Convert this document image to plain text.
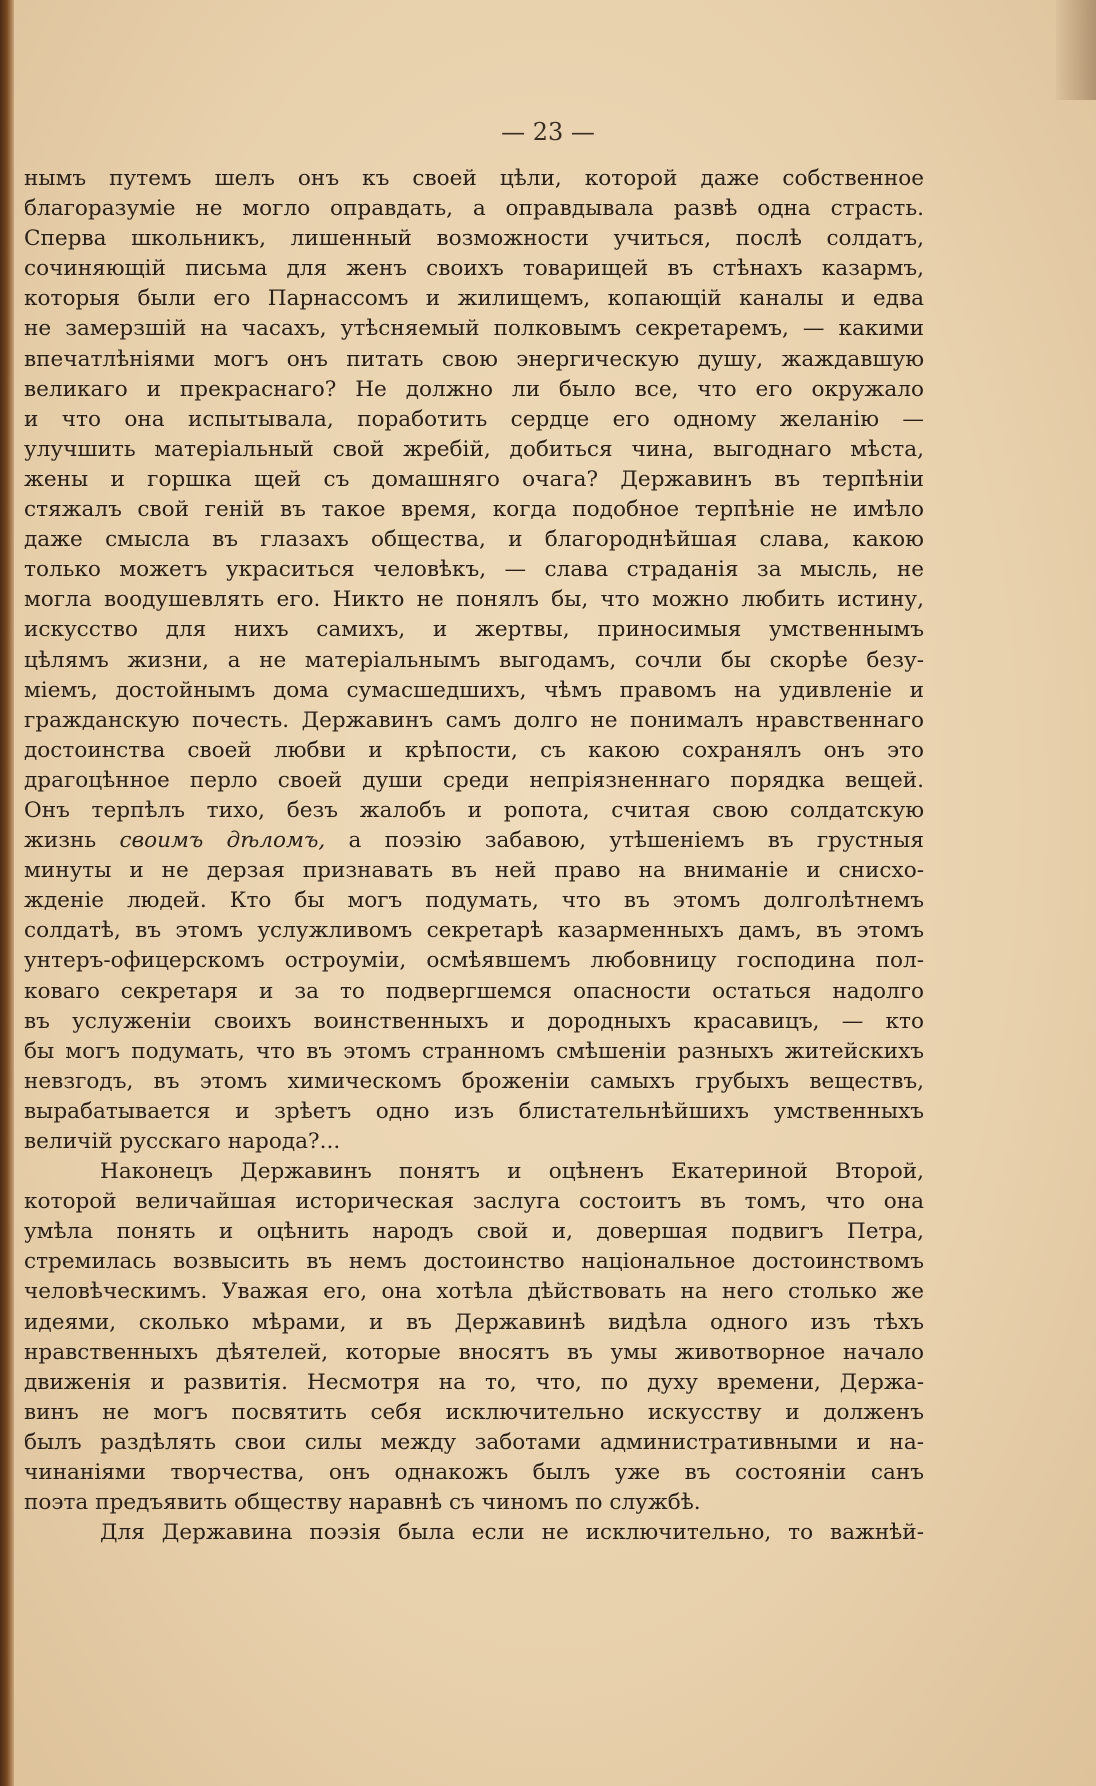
— 23 —
нымъ путемъ шелъ онъ къ своей цѣли, которой даже собственное
благоразуміе не могло оправдать, а оправдывала развѣ одна страсть.
Сперва школьникъ, лишенный возможности учиться, послѣ солдатъ,
сочиняющій письма для женъ своихъ товарищей въ стѣнахъ казармъ,
которыя были его Парнассомъ и жилищемъ, копающій каналы и едва
не замерзшій на часахъ, утѣсняемый полковымъ секретаремъ, — какими
впечатлѣніями могъ онъ питать свою энергическую душу, жаждавшую
великаго и прекраснаго? Не должно ли было все, что его окружало
и что она испытывала, поработить сердце его одному желанію —
улучшить матеріальный свой жребій, добиться чина, выгоднаго мѣста,
жены и горшка щей съ домашняго очага? Державинъ въ терпѣніи
стяжалъ свой геній въ такое время, когда подобное терпѣніе не имѣло
даже смысла въ глазахъ общества, и благороднѣйшая слава, какою
только можетъ украситься человѣкъ, — слава страданія за мысль, не
могла воодушевлять его. Никто не понялъ бы, что можно любить истину,
искусство для нихъ самихъ, и жертвы, приносимыя умственнымъ
цѣлямъ жизни, а не матеріальнымъ выгодамъ, сочли бы скорѣе безу-
міемъ, достойнымъ дома сумасшедшихъ, чѣмъ правомъ на удивленіе и
гражданскую почесть. Державинъ самъ долго не понималъ нравственнаго
достоинства своей любви и крѣпости, съ какою сохранялъ онъ это
драгоцѣнное перло своей души среди непріязненнаго порядка вещей.
Онъ терпѣлъ тихо, безъ жалобъ и ропота, считая свою солдатскую
жизнь своимъ дѣломъ, а поэзію забавою, утѣшеніемъ въ грустныя
минуты и не дерзая признавать въ ней право на вниманіе и снисхо-
жденіе людей. Кто бы могъ подумать, что въ этомъ долголѣтнемъ
солдатѣ, въ этомъ услужливомъ секретарѣ казарменныхъ дамъ, въ этомъ
унтеръ-офицерскомъ остроуміи, осмѣявшемъ любовницу господина пол-
коваго секретаря и за то подвергшемся опасности остаться надолго
въ услуженіи своихъ воинственныхъ и дородныхъ красавицъ, — кто
бы могъ подумать, что въ этомъ странномъ смѣшеніи разныхъ житейскихъ
невзгодъ, въ этомъ химическомъ броженіи самыхъ грубыхъ веществъ,
вырабатывается и зрѣетъ одно изъ блистательнѣйшихъ умственныхъ
величій русскаго народа?...
Наконецъ Державинъ понятъ и оцѣненъ Екатериной Второй,
которой величайшая историческая заслуга состоитъ въ томъ, что она
умѣла понять и оцѣнить народъ свой и, довершая подвигъ Петра,
стремилась возвысить въ немъ достоинство національное достоинствомъ
человѣческимъ. Уважая его, она хотѣла дѣйствовать на него столько же
идеями, сколько мѣрами, и въ Державинѣ видѣла одного изъ тѣхъ
нравственныхъ дѣятелей, которые вносятъ въ умы животворное начало
движенія и развитія. Несмотря на то, что, по духу времени, Держа-
винъ не могъ посвятить себя исключительно искусству и долженъ
былъ раздѣлять свои силы между заботами административными и на-
чинаніями творчества, онъ однакожъ былъ уже въ состояніи санъ
поэта предъявить обществу наравнѣ съ чиномъ по службѣ.
Для Державина поэзія была если не исключительно, то важнѣй-
